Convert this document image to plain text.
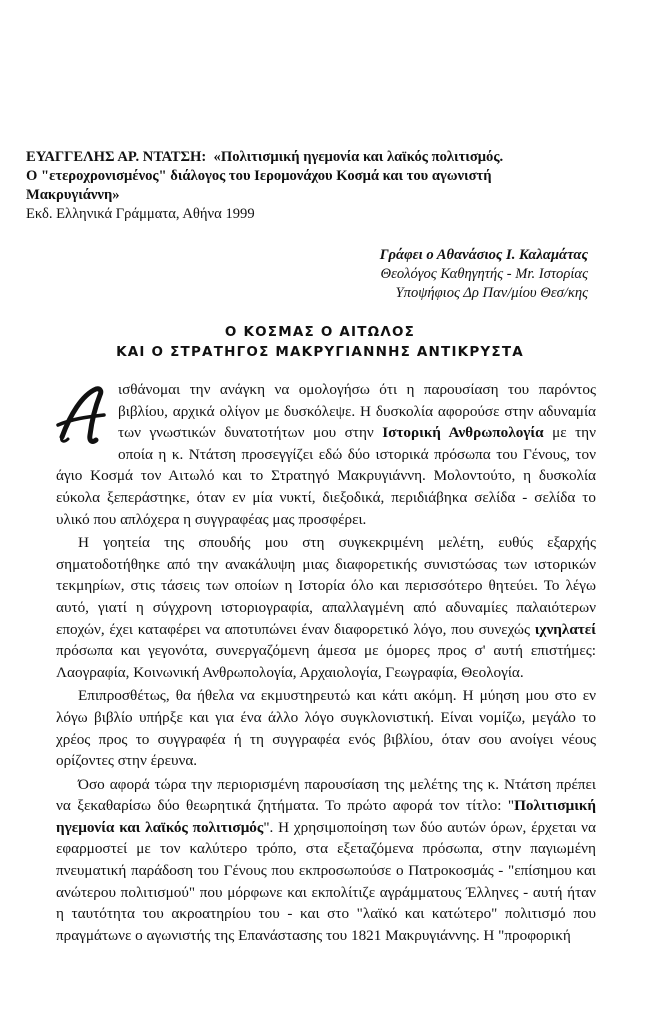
ΕΥΑΓΓΕΛΗΣ ΑΡ. ΝΤΑΤΣΗ: «Πολιτισμική ηγεμονία και λαϊκός πολιτισμός.
Ο "ετεροχρονισμένος" διάλογος του Ιερομονάχου Κοσμά και του αγωνιστή
Μακρυγιάννη»
Εκδ. Ελληνικά Γράμματα, Αθήνα 1999
Γράφει ο Αθανάσιος Ι. Καλαμάτας
Θεολόγος Καθηγητής - Mr. Ιστορίας
Υποψήφιος Δρ Παν/μίου Θεσ/κης
Ο ΚΟΣΜΑΣ Ο ΑΙΤΩΛΟΣ
ΚΑΙ Ο ΣΤΡΑΤΗΓΟΣ ΜΑΚΡΥΓΙΑΝΝΗΣ ΑΝΤΙΚΡΥΣΤΑ

ισθάνομαι την ανάγκη να ομολογήσω ότι η παρουσίαση του παρόντος βιβλίου, αρχικά ολίγον με δυσκόλεψε. Η δυσκολία αφορούσε στην αδυναμία των γνωστικών δυνατοτήτων μου στην Ιστορική Ανθρωπολογία με την οποία η κ. Ντάτση προσεγγίζει εδώ δύο ιστορικά πρόσωπα του Γένους, τον άγιο Κοσμά τον Αιτωλό και το Στρατηγό Μακρυγιάννη. Μολοντούτο, η δυσκολία εύκολα ξεπεράστηκε, όταν εν μία νυκτί, διεξοδικά, περιδιάβηκα σελίδα - σελίδα το υλικό που απλόχερα η συγγραφέας μας προσφέρει.

Η γοητεία της σπουδής μου στη συγκεκριμένη μελέτη, ευθύς εξαρχής σηματοδοτήθηκε από την ανακάλυψη μιας διαφορετικής συνιστώσας των ιστορικών τεκμηρίων, στις τάσεις των οποίων η Ιστορία όλο και περισσότερο θητεύει. Το λέγω αυτό, γιατί η σύγχρονη ιστοριογραφία, απαλλαγμένη από αδυναμίες παλαιότερων εποχών, έχει καταφέρει να αποτυπώνει έναν διαφορετικό λόγο, που συνεχώς ιχνηλατεί πρόσωπα και γεγονότα, συνεργαζόμενη άμεσα με όμορες προς σ' αυτή επιστήμες: Λαογραφία, Κοινωνική Ανθρωπολογία, Αρχαιολογία, Γεωγραφία, Θεολογία.

Επιπροσθέτως, θα ήθελα να εκμυστηρευτώ και κάτι ακόμη. Η μύηση μου στο εν λόγω βιβλίο υπήρξε και για ένα άλλο λόγο συγκλονιστική. Είναι νομίζω, μεγάλο το χρέος προς το συγγραφέα ή τη συγγραφέα ενός βιβλίου, όταν σου ανοίγει νέους ορίζοντες στην έρευνα.

Όσο αφορά τώρα την περιορισμένη παρουσίαση της μελέτης της κ. Ντάτση πρέπει να ξεκαθαρίσω δύο θεωρητικά ζητήματα. Το πρώτο αφορά τον τίτλο: "Πολιτισμική ηγεμονία και λαϊκός πολιτισμός". Η χρησιμοποίηση των δύο αυτών όρων, έρχεται να εφαρμοστεί με τον καλύτερο τρόπο, στα εξεταζόμενα πρόσωπα, στην παγιωμένη πνευματική παράδοση του Γένους που εκπροσωπούσε ο Πατροκοσμάς - "επίσημου και ανώτερου πολιτισμού" που μόρφωνε και εκπολίτιζε αγράμματους Έλληνες - αυτή ήταν η ταυτότητα του ακροατηρίου του - και στο "λαϊκό και κατώτερο" πολιτισμό που πραγμάτωνε ο αγωνιστής της Επανάστασης του 1821 Μακρυγιάννης. Η "προφορική
